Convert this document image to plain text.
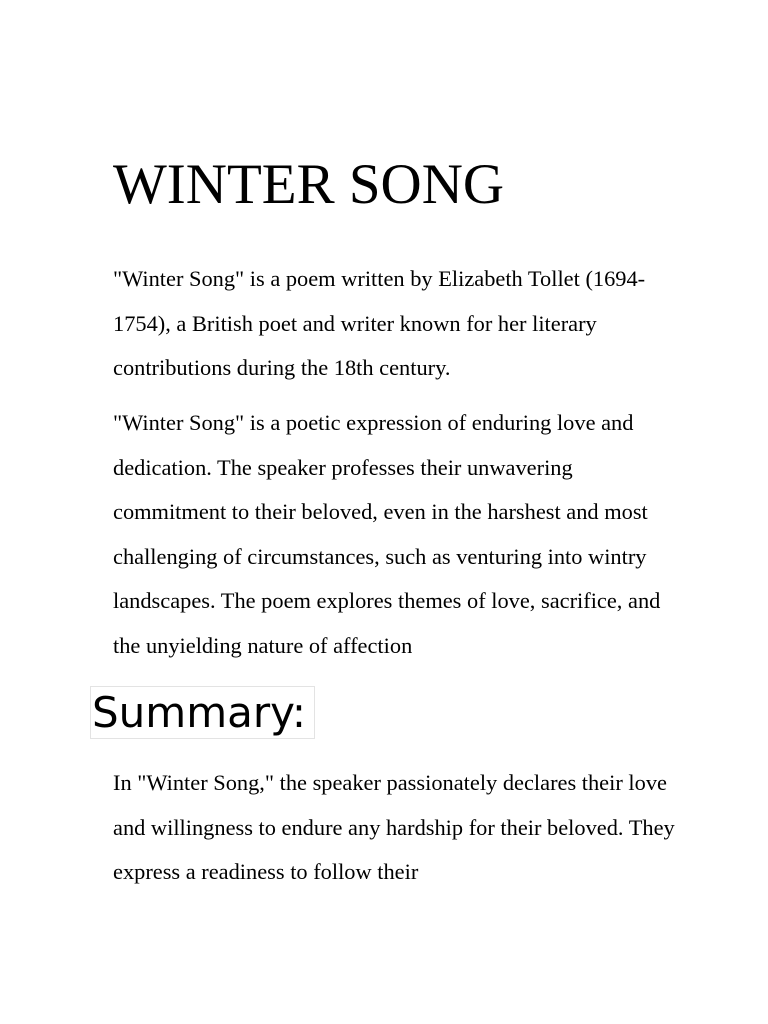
WINTER SONG

"Winter Song" is a poem written by Elizabeth Tollet (1694-1754), a British poet and writer known for her literary contributions during the 18th century.

"Winter Song" is a poetic expression of enduring love and dedication. The speaker professes their unwavering commitment to their beloved, even in the harshest and most challenging of circumstances, such as venturing into wintry landscapes. The poem explores themes of love, sacrifice, and the unyielding nature of affection

Summary:

In "Winter Song," the speaker passionately declares their love and willingness to endure any hardship for their beloved. They express a readiness to follow their
